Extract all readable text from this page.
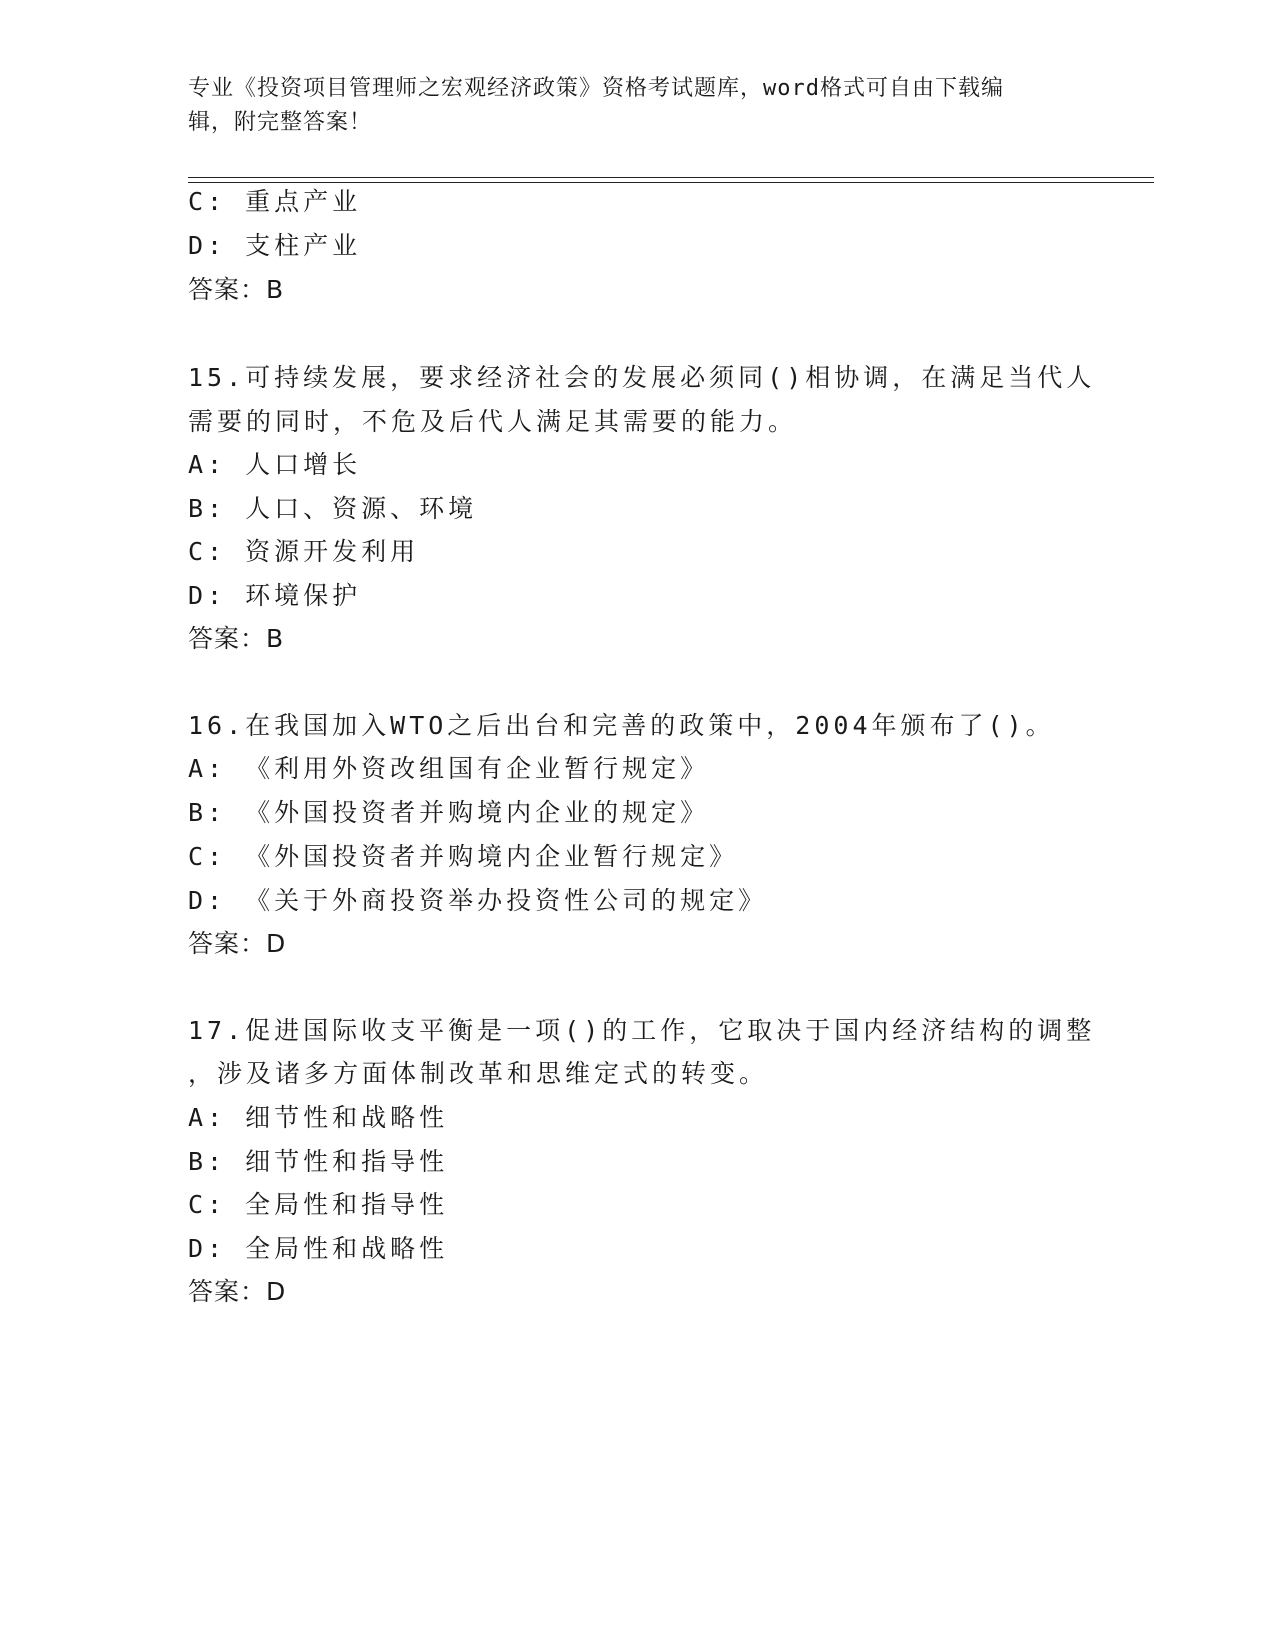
专业《投资项目管理师之宏观经济政策》资格考试题库，word格式可自由下载编
辑，附完整答案！
C: 重点产业
D: 支柱产业
答案：B
15.可持续发展，要求经济社会的发展必须同()相协调，在满足当代人
需要的同时，不危及后代人满足其需要的能力。
A: 人口增长
B: 人口、资源、环境
C: 资源开发利用
D: 环境保护
答案：B
16.在我国加入WTO之后出台和完善的政策中，2004年颁布了()。
A: 《利用外资改组国有企业暂行规定》
B: 《外国投资者并购境内企业的规定》
C: 《外国投资者并购境内企业暂行规定》
D: 《关于外商投资举办投资性公司的规定》
答案：D
17.促进国际收支平衡是一项()的工作，它取决于国内经济结构的调整
，涉及诸多方面体制改革和思维定式的转变。
A: 细节性和战略性
B: 细节性和指导性
C: 全局性和指导性
D: 全局性和战略性
答案：D
